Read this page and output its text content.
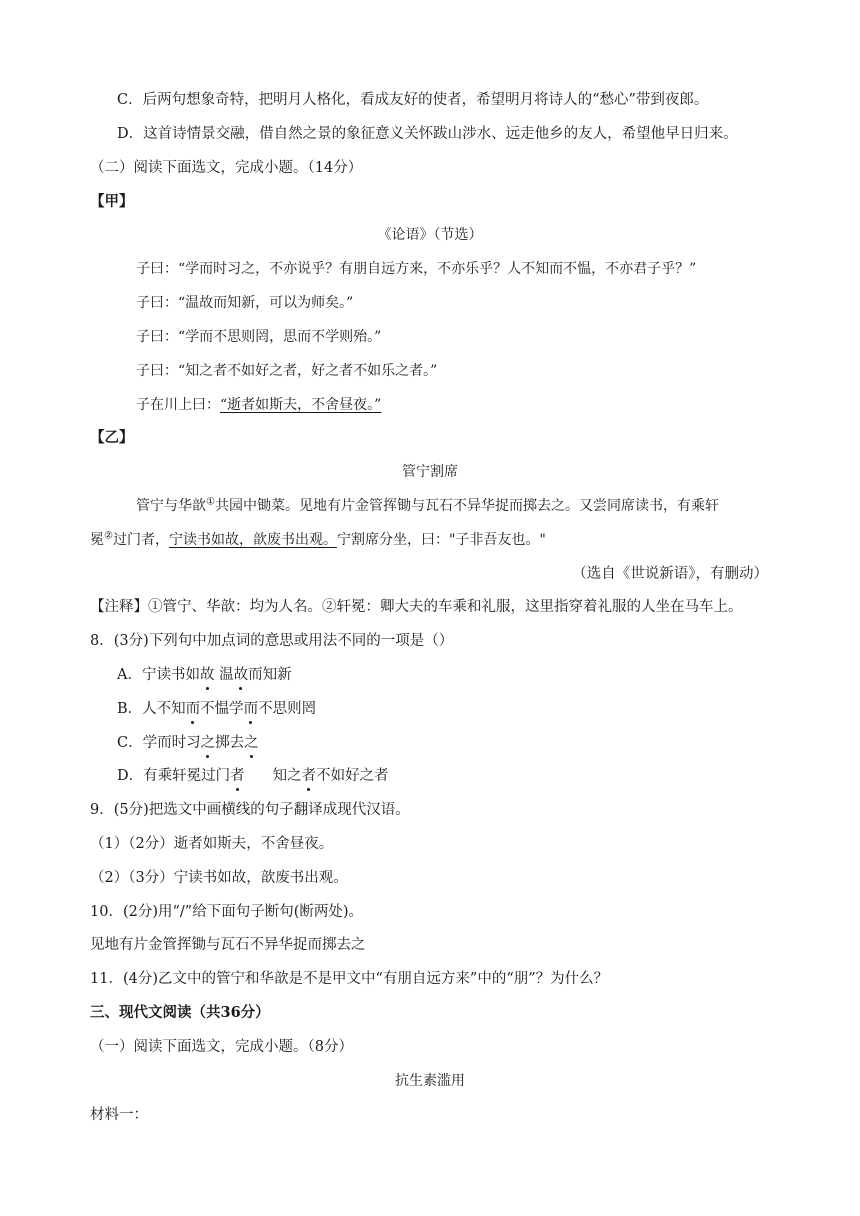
C．后两句想象奇特，把明月人格化，看成友好的使者，希望明月将诗人的“愁心”带到夜郎。
D．这首诗情景交融，借自然之景的象征意义关怀跋山涉水、远走他乡的友人，希望他早日归来。
（二）阅读下面选文，完成小题。（14分）
【甲】
《论语》（节选）
子曰：“学而时习之，不亦说乎？有朋自远方来，不亦乐乎？人不知而不愠，不亦君子乎？”
子曰：“温故而知新，可以为师矣。”
子曰：“学而不思则罔，思而不学则殆。”
子曰：“知之者不如好之者，好之者不如乐之者。”
子在川上曰：“逝者如斯夫，不舍昼夜。”
【乙】
管宁割席
管宁与华歆①共园中锄菜。见地有片金管挥锄与瓦石不异华捉而掷去之。又尝同席读书，有乘轩
冕②过门者，宁读书如故，歆废书出观。宁割席分坐，曰："子非吾友也。"
（选自《世说新语》，有删动）
【注释】①管宁、华歆：均为人名。②轩冕：卿大夫的车乘和礼服，这里指穿着礼服的人坐在马车上。
8．(3分)下列句中加点词的意思或用法不同的一项是（）
A．宁读书如故 温故而知新
B．人不知而不愠学而不思则罔
C．学而时习之掷去之
D．有乘轩冕过门者 知之者不如好之者
9．(5分)把选文中画横线的句子翻译成现代汉语。
（1）（2分）逝者如斯夫，不舍昼夜。
（2）（3分）宁读书如故，歆废书出观。
10．(2分)用“/”给下面句子断句(断两处)。
见地有片金管挥锄与瓦石不异华捉而掷去之
11．(4分)乙文中的管宁和华歆是不是甲文中“有朋自远方来”中的“朋”？为什么？
三、现代文阅读（共36分）
（一）阅读下面选文，完成小题。（8分）
抗生素滥用
材料一：
